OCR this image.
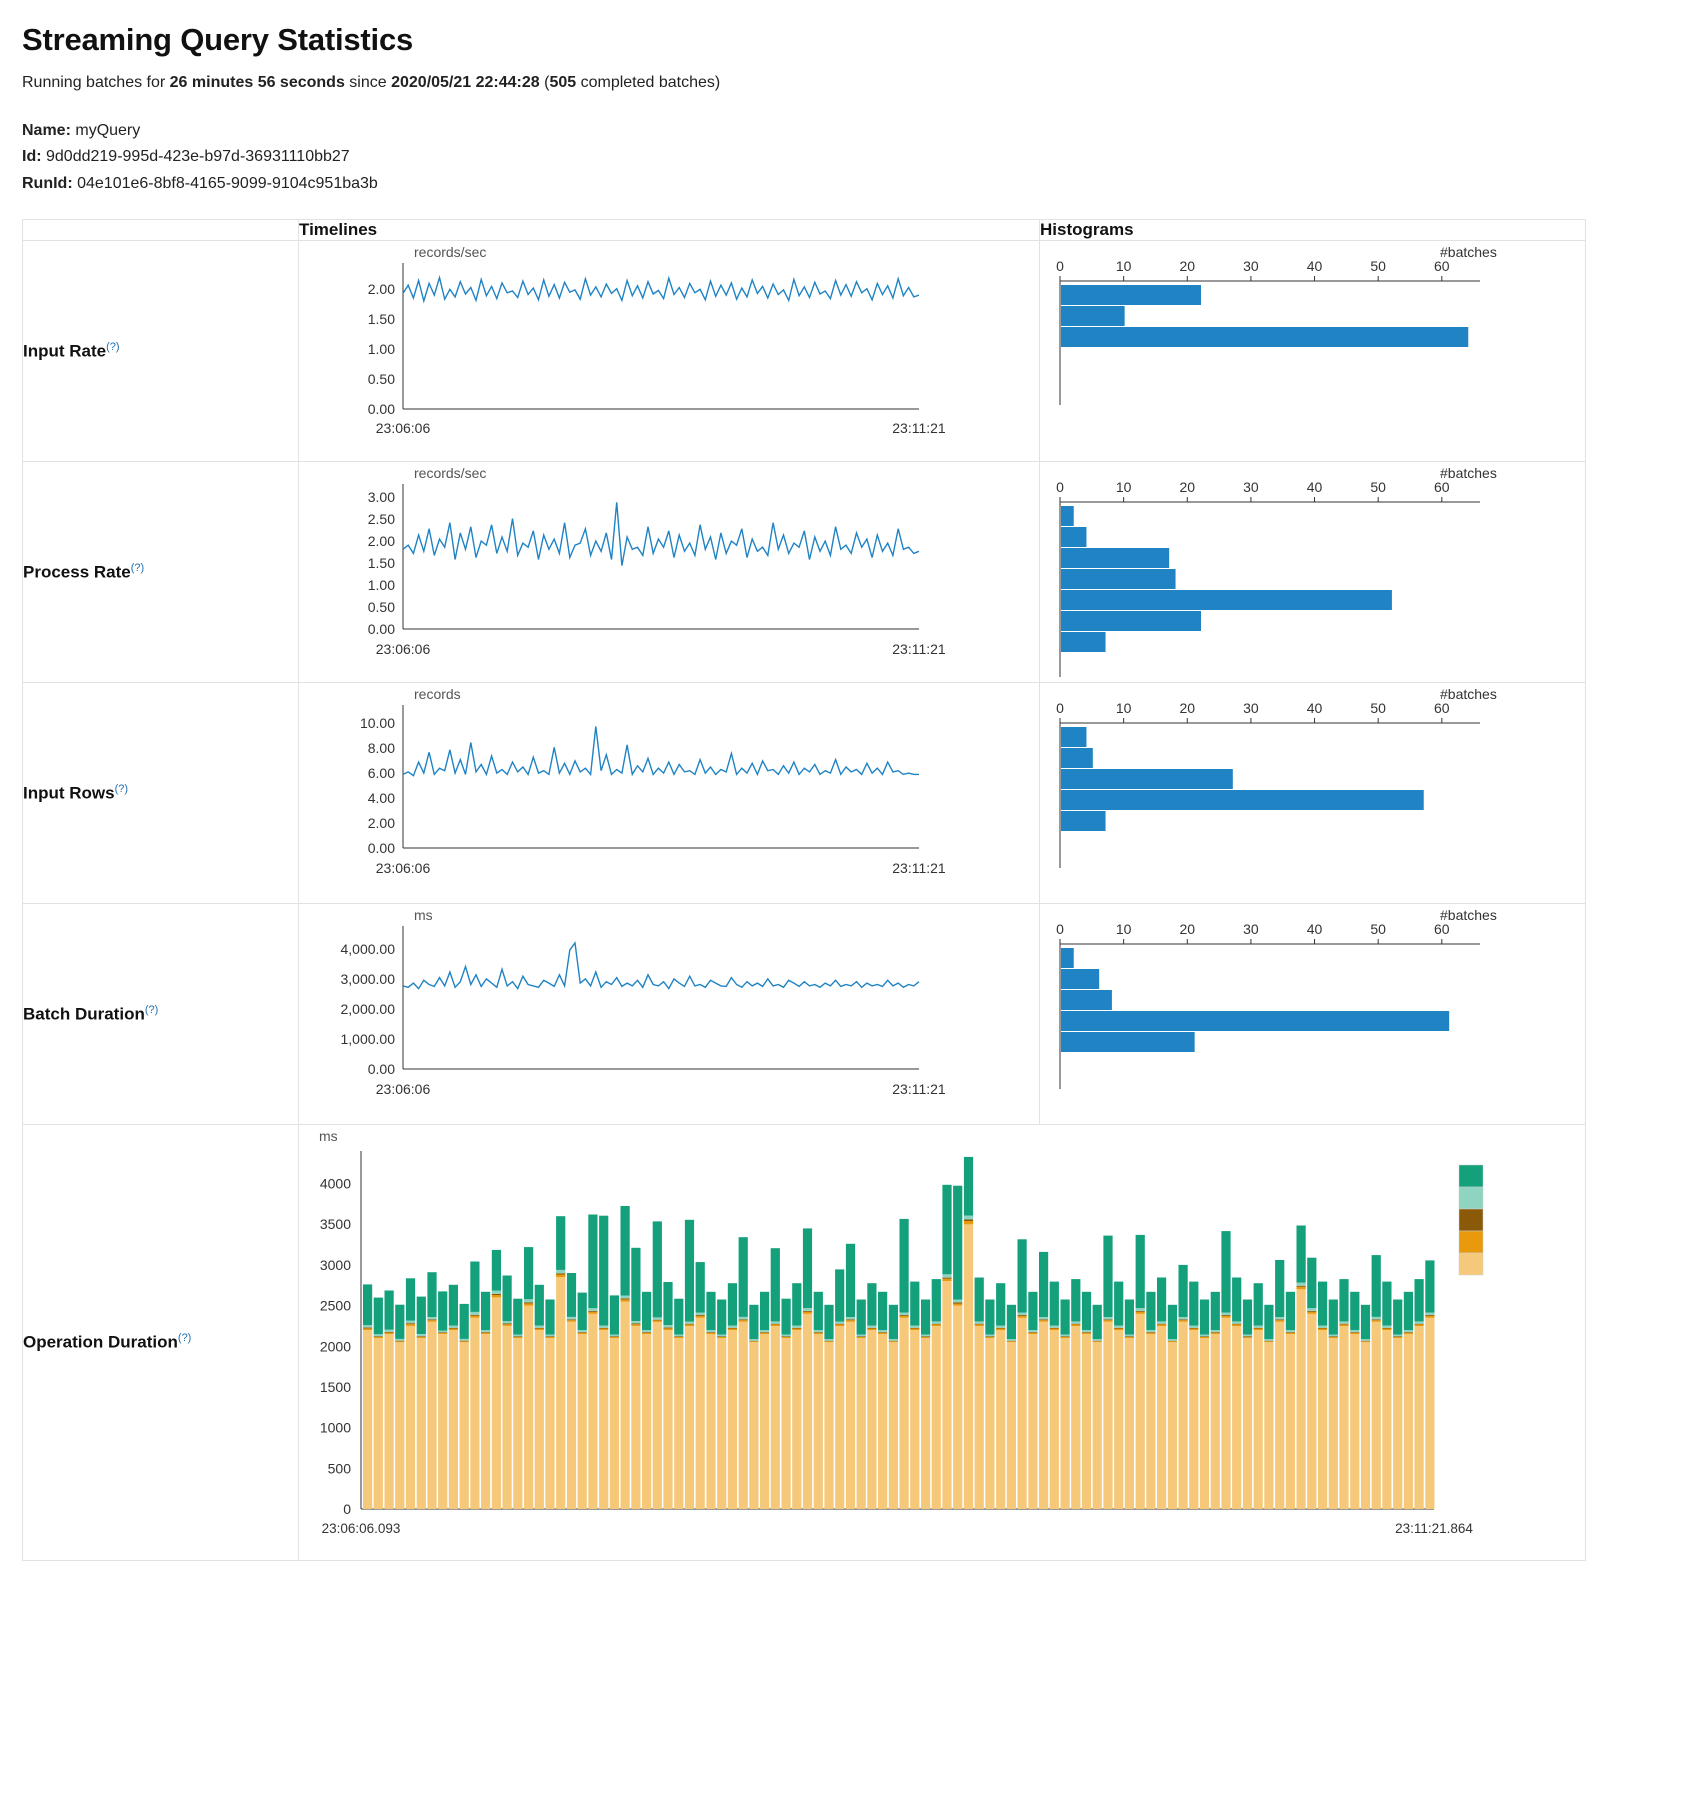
Streaming Query Statistics
Running batches for 26 minutes 56 seconds since 2020/05/21 22:44:28 (505 completed batches)
Name: myQuery
Id: 9d0dd219-995d-423e-b97d-36931110bb27
RunId: 04e101e6-8bf8-4165-9099-9104c951ba3b
	Timelines	Histograms
Input Rate(?)	
records/sec
2.00
1.50
1.00
0.50
0.00
23:06:06	23:11:21

0	10	20	30	40	50	60
#batches

Process Rate(?)	
records/sec
3.00
2.50
2.00
1.50
1.00
0.50
0.00
23:06:06	23:11:21

0	10	20	30	40	50	60
#batches

Input Rows(?)	
records
10.00
8.00
6.00
4.00
2.00
0.00
23:06:06	23:11:21

0	10	20	30	40	50	60
#batches

Batch Duration(?)	
ms
4,000.00
3,000.00
2,000.00
1,000.00
0.00
23:06:06	23:11:21

0	10	20	30	40	50	60
#batches

Operation Duration(?)	
ms
0
500
1000
1500
2000
2500
3000
3500
4000
23:06:06.093	23:11:21.864
